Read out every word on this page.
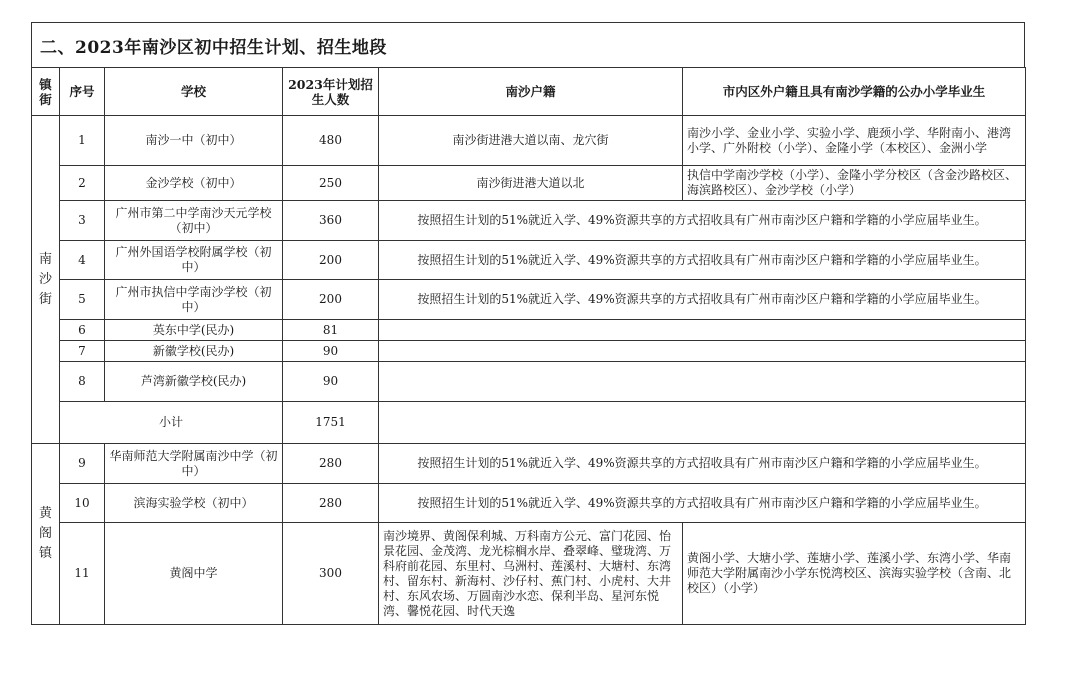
二、2023年南沙区初中招生计划、招生地段
镇街	序号	学校	2023年计划招生人数	南沙户籍	市内区外户籍且具有南沙学籍的公办小学毕业生

南
沙
街	1	南沙一中（初中）	480	南沙街进港大道以南、龙穴街	南沙小学、金业小学、实验小学、鹿颈小学、华附南小、港湾小学、广外附校（小学）、金隆小学（本校区）、金洲小学
	2	金沙学校（初中）	250	南沙街进港大道以北	执信中学南沙学校（小学）、金隆小学分校区（含金沙路校区、海滨路校区）、金沙学校（小学）
	3	广州市第二中学南沙天元学校（初中）	360	按照招生计划的51%就近入学、49%资源共享的方式招收具有广州市南沙区户籍和学籍的小学应届毕业生。	
	4	广州外国语学校附属学校（初中）	200	按照招生计划的51%就近入学、49%资源共享的方式招收具有广州市南沙区户籍和学籍的小学应届毕业生。	
	5	广州市执信中学南沙学校（初中）	200	按照招生计划的51%就近入学、49%资源共享的方式招收具有广州市南沙区户籍和学籍的小学应届毕业生。	
	6	英东中学(民办)	81		
	7	新徽学校(民办)	90		
	8	芦湾新徽学校(民办)	90		
	小计		1751		

黄
阁
镇	9	华南师范大学附属南沙中学（初中）	280	按照招生计划的51%就近入学、49%资源共享的方式招收具有广州市南沙区户籍和学籍的小学应届毕业生。	
	10	滨海实验学校（初中）	280	按照招生计划的51%就近入学、49%资源共享的方式招收具有广州市南沙区户籍和学籍的小学应届毕业生。	
	11	黄阁中学	300	南沙境界、黄阁保利城、万科南方公元、富门花园、怡景花园、金茂湾、龙光棕榈水岸、叠翠峰、璧珑湾、万科府前花园、东里村、乌洲村、莲溪村、大塘村、东湾村、留东村、新海村、沙仔村、蕉门村、小虎村、大井村、东风农场、万圆南沙水恋、保利半岛、星河东悦湾、馨悦花园、时代天逸	黄阁小学、大塘小学、莲塘小学、莲溪小学、东湾小学、华南师范大学附属南沙小学东悦湾校区、滨海实验学校（含南、北校区）（小学）
